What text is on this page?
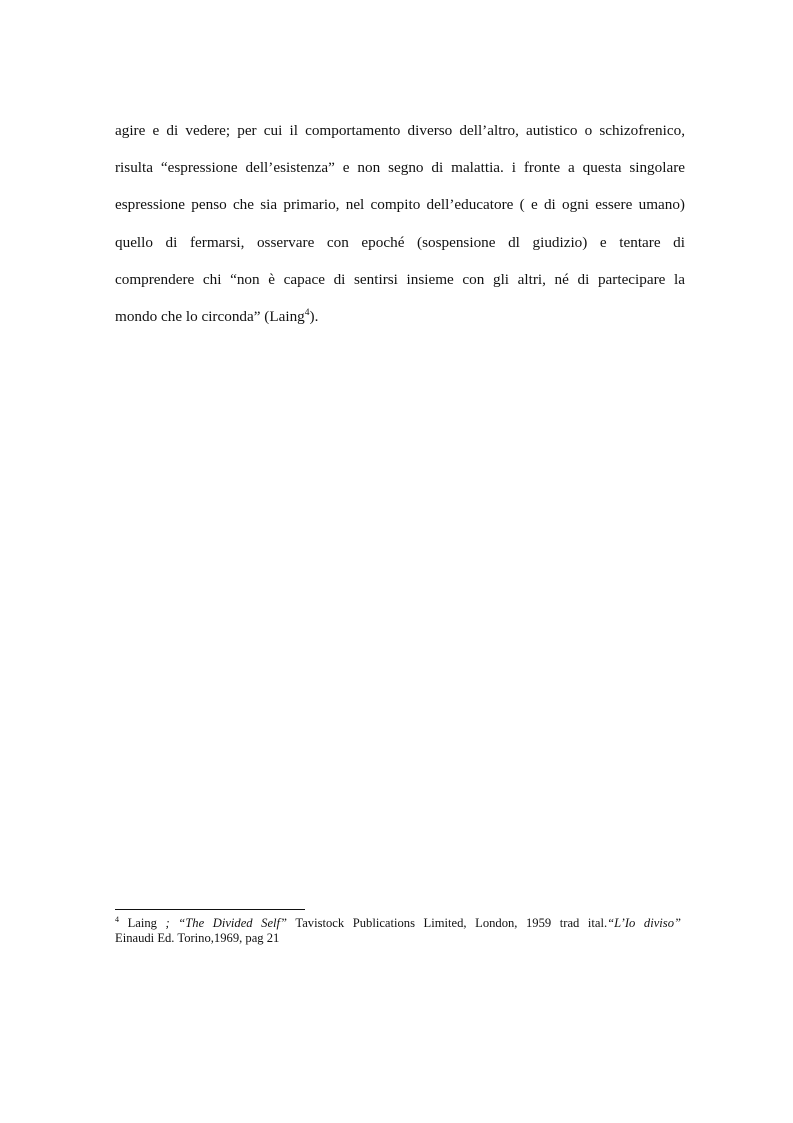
agire e di vedere; per cui il comportamento diverso dell’altro, autistico o schizofrenico,
risulta “espressione dell’esistenza” e non segno di malattia. i fronte a questa singolare
espressione penso che sia primario, nel compito dell’educatore ( e di ogni essere umano)
quello di fermarsi, osservare con epoché (sospensione dl giudizio) e tentare di
comprendere chi “non è capace di sentirsi insieme con gli altri, né di partecipare la
mondo che lo circonda” (Laing$^4$).
$^4$ Laing ; “The Divided Self” Tavistock Publications Limited, London, 1959 trad ital.“L’Io diviso”
Einaudi Ed. Torino,1969, pag 21
